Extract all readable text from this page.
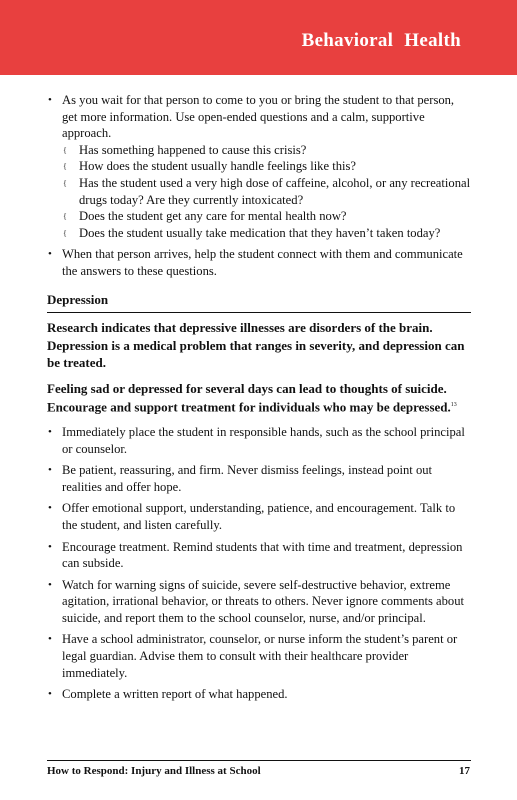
Behavioral Health
• As you wait for that person to come to you or bring the student to that person, get more information. Use open-ended questions and a calm, supportive approach.
{ Has something happened to cause this crisis?
{ How does the student usually handle feelings like this?
{ Has the student used a very high dose of caffeine, alcohol, or any recreational drugs today? Are they currently intoxicated?
{ Does the student get any care for mental health now?
{ Does the student usually take medication that they haven’t taken today?
• When that person arrives, help the student connect with them and communicate the answers to these questions.
Depression

Research indicates that depressive illnesses are disorders of the brain. Depression is a medical problem that ranges in severity, and depression can be treated.

Feeling sad or depressed for several days can lead to thoughts of suicide. Encourage and support treatment for individuals who may be depressed.$^{13}$

• Immediately place the student in responsible hands, such as the school principal or counselor.
• Be patient, reassuring, and firm. Never dismiss feelings, instead point out realities and offer hope.
• Offer emotional support, understanding, patience, and encouragement. Talk to the student, and listen carefully.
• Encourage treatment. Remind students that with time and treatment, depression can subside.
• Watch for warning signs of suicide, severe self-destructive behavior, extreme agitation, irrational behavior, or threats to others. Never ignore comments about suicide, and report them to the school counselor, nurse, and/or principal.
• Have a school administrator, counselor, or nurse inform the student’s parent or legal guardian. Advise them to consult with their healthcare provider immediately.
• Complete a written report of what happened.
How to Respond: Injury and Illness at School	17
